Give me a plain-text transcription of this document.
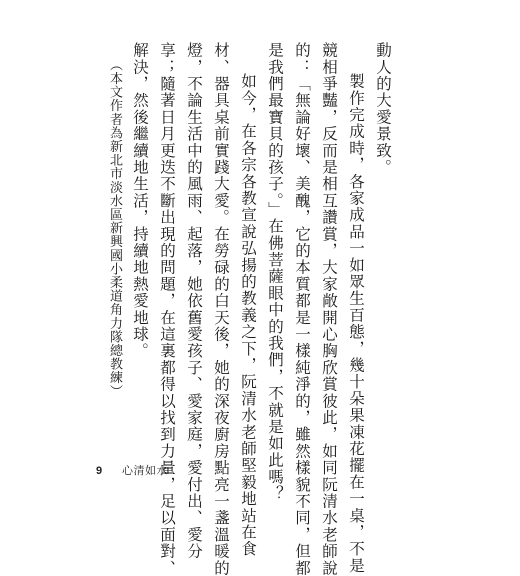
動人的大愛景致。
製作完成時，各家成品一如眾生百態，幾十朵果凍花擺在一桌，不是
競相爭豔，反而是相互讚賞，大家敞開心胸欣賞彼此，如同阮清水老師說
的：「無論好壞、美醜，它的本質都是一樣純淨的，雖然樣貌不同，但都
是我們最寶貝的孩子。」在佛菩薩眼中的我們，不就是如此嗎？
如今，在各宗各教宣說弘揚的教義之下，阮清水老師堅毅地站在食
材、器具桌前實踐大愛。在勞碌的白天後，她的深夜廚房點亮一盞溫暖的
燈，不論生活中的風雨、起落，她依舊愛孩子、愛家庭，愛付出、愛分
享；隨著日月更迭不斷出現的問題，在這裏都得以找到力量，足以面對、
解決，然後繼續地生活，持續地熱愛地球。
（本文作者為新北市淡水區新興國小柔道角力隊總教練）
9 心清如水
